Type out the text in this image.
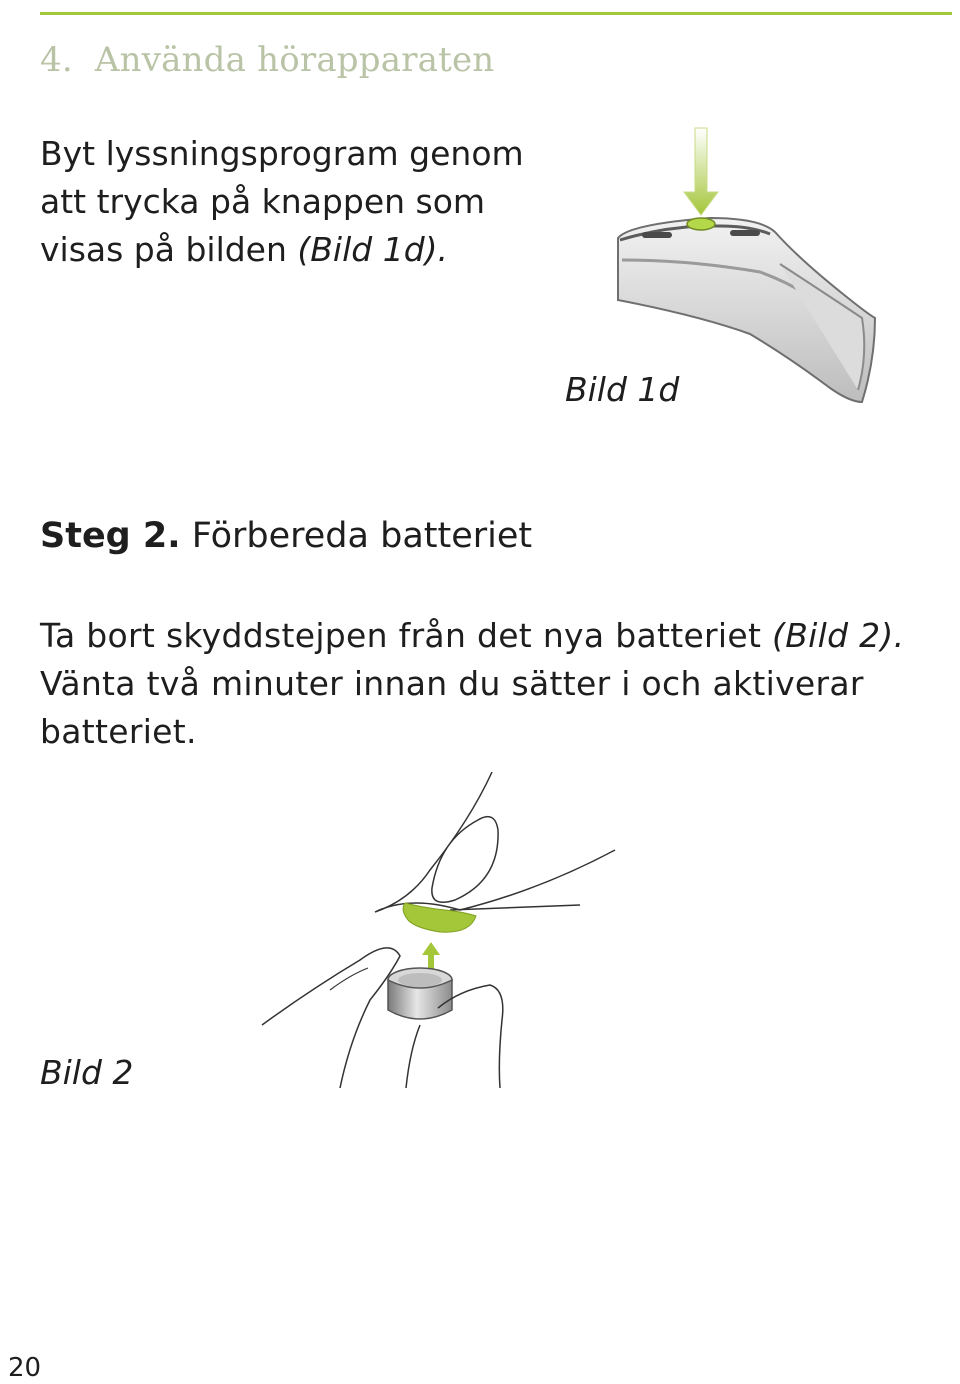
4. Använda hörapparaten
Byt lyssningsprogram genom att trycka på knappen som visas på bilden (Bild 1d).
Bild 1d
Steg 2. Förbereda batteriet
Ta bort skyddstejpen från det nya batteriet (Bild 2). Vänta två minuter innan du sätter i och aktiverar batteriet.
Bild 2
20
